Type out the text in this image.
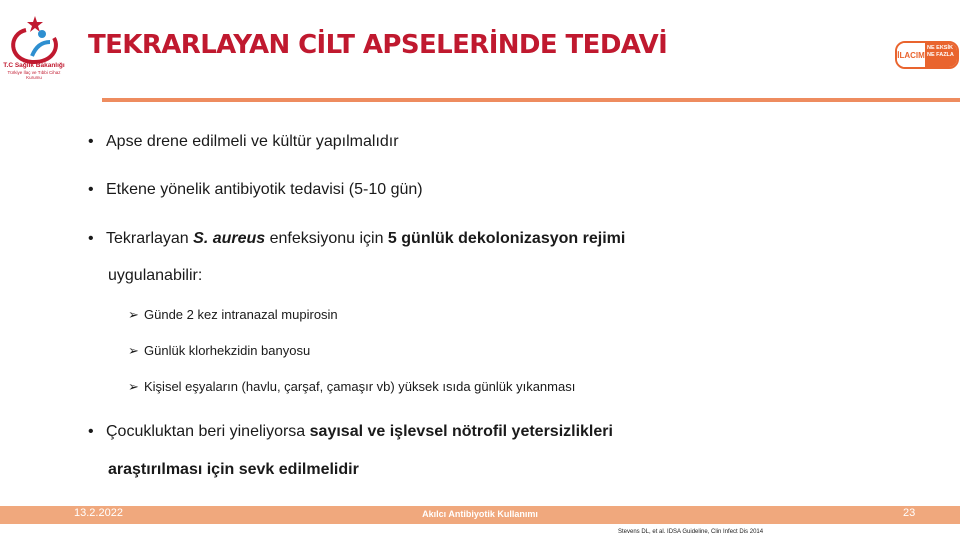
T.C Sağlık Bakanlığı
Türkiye İlaç ve Tıbbi Cihaz Kurumu
TEKRARLAYAN CİLT APSELERİNDE TEDAVİ	İLACIM
NE EKSİK NE FAZLA
• Apse drene edilmeli ve kültür yapılmalıdır
• Etkene yönelik antibiyotik tedavisi (5-10 gün)
• Tekrarlayan S. aureus enfeksiyonu için 5 günlük dekolonizasyon rejimi
uygulanabilir:
➢ Günde 2 kez intranazal mupirosin
➢ Günlük klorhekzidin banyosu
➢ Kişisel eşyaların (havlu, çarşaf, çamaşır vb) yüksek ısıda günlük yıkanması
• Çocukluktan beri yineliyorsa sayısal ve işlevsel nötrofil yetersizlikleri
araştırılması için sevk edilmelidir
13.2.2022	Akılcı Antibiyotik Kullanımı	23
Stevens DL, et al. IDSA Guideline, Clin Infect Dis 2014
